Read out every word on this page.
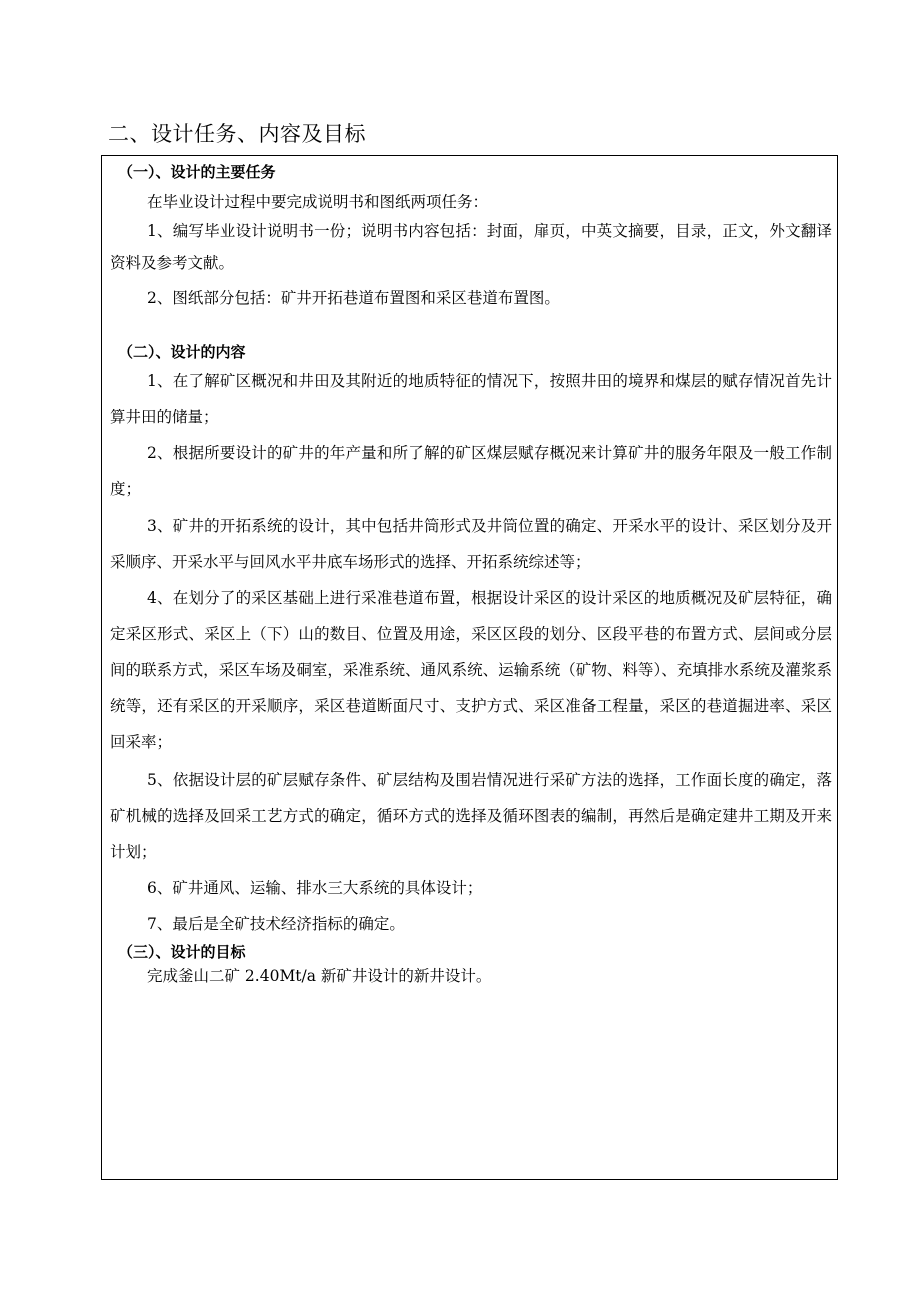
二、设计任务、内容及目标
（一）、设计的主要任务

在毕业设计过程中要完成说明书和图纸两项任务：

1、编写毕业设计说明书一份；说明书内容包括：封面，扉页，中英文摘要，目录，正文，外文翻译资料及参考文献。

2、图纸部分包括：矿井开拓巷道布置图和采区巷道布置图。

（二）、设计的内容

1、在了解矿区概况和井田及其附近的地质特征的情况下，按照井田的境界和煤层的赋存情况首先计算井田的储量；

2、根据所要设计的矿井的年产量和所了解的矿区煤层赋存概况来计算矿井的服务年限及一般工作制度；

3、矿井的开拓系统的设计，其中包括井筒形式及井筒位置的确定、开采水平的设计、采区划分及开采顺序、开采水平与回风水平井底车场形式的选择、开拓系统综述等；

4、在划分了的采区基础上进行采准巷道布置，根据设计采区的设计采区的地质概况及矿层特征，确定采区形式、采区上（下）山的数目、位置及用途，采区区段的划分、区段平巷的布置方式、层间或分层间的联系方式，采区车场及硐室，采准系统、通风系统、运输系统（矿物、料等）、充填排水系统及灌浆系统等，还有采区的开采顺序，采区巷道断面尺寸、支护方式、采区准备工程量，采区的巷道掘进率、采区回采率；

5、依据设计层的矿层赋存条件、矿层结构及围岩情况进行采矿方法的选择，工作面长度的确定，落矿机械的选择及回采工艺方式的确定，循环方式的选择及循环图表的编制，再然后是确定建井工期及开来计划；

6、矿井通风、运输、排水三大系统的具体设计；

7、最后是全矿技术经济指标的确定。

（三）、设计的目标

完成釜山二矿 2.40Mt/a 新矿井设计的新井设计。
